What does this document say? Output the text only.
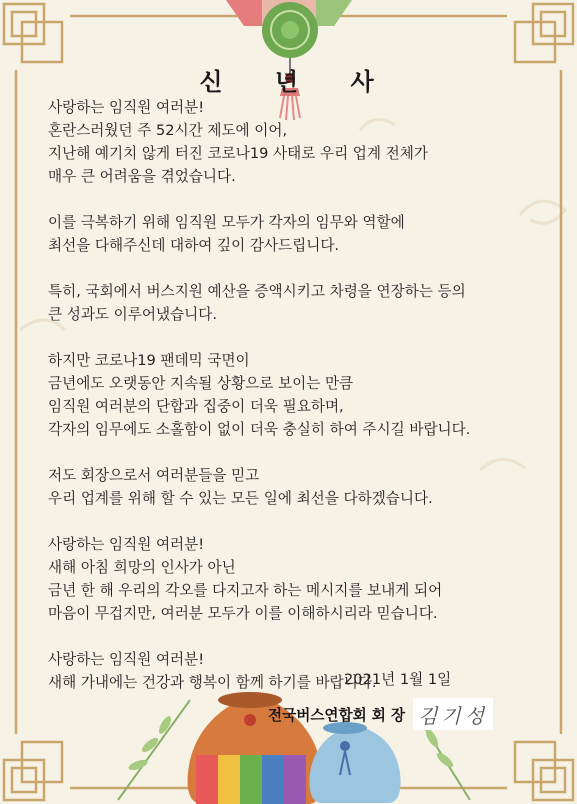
신 년 사
사랑하는 임직원 여러분!
혼란스러웠던 주 52시간 제도에 이어,
지난해 예기치 않게 터진 코로나19 사태로 우리 업계 전체가
매우 큰 어려움을 겪었습니다.
이를 극복하기 위해 임직원 모두가 각자의 임무와 역할에
최선을 다해주신데 대하여 깊이 감사드립니다.
특히, 국회에서 버스지원 예산을 증액시키고 차령을 연장하는 등의
큰 성과도 이루어냈습니다.
하지만 코로나19 팬데믹 국면이
금년에도 오랫동안 지속될 상황으로 보이는 만큼
임직원 여러분의 단합과 집중이 더욱 필요하며,
각자의 임무에도 소홀함이 없이 더욱 충실히 하여 주시길 바랍니다.
저도 회장으로서 여러분들을 믿고
우리 업계를 위해 할 수 있는 모든 일에 최선을 다하겠습니다.
사랑하는 임직원 여러분!
새해 아침 희망의 인사가 아닌
금년 한 해 우리의 각오를 다지고자 하는 메시지를 보내게 되어
마음이 무겁지만, 여러분 모두가 이를 이해하시리라 믿습니다.
사랑하는 임직원 여러분!
새해 가내에는 건강과 행복이 함께 하기를 바랍니다.
2021년 1월 1일
전국버스연합회 회 장 김기성
